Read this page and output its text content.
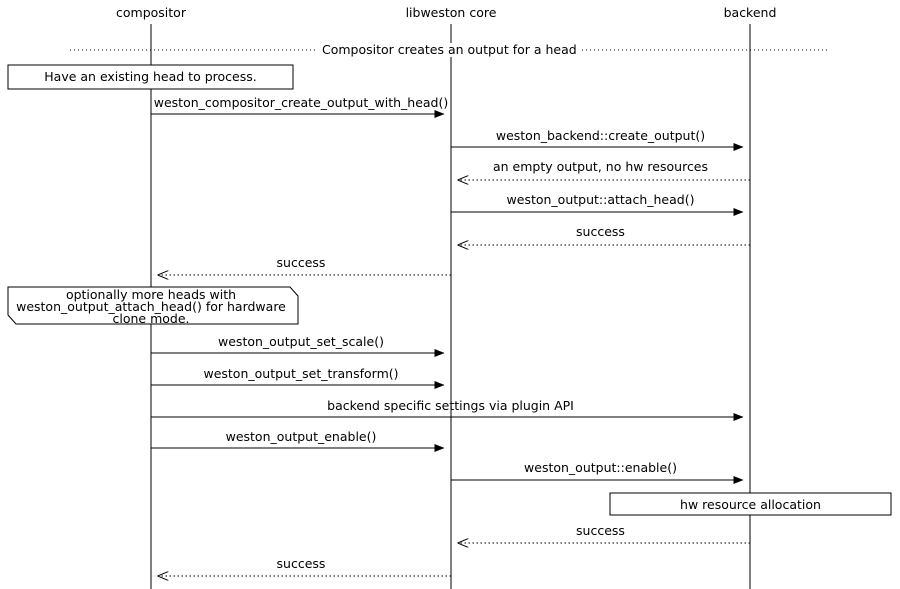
compositor	libweston core	backend
Compositor creates an output for a head
Have an existing head to process.
hw resource allocation
optionally more heads with
weston_output_attach_head() for hardware
clone mode.
weston_compositor_create_output_with_head()
weston_backend::create_output()
an empty output, no hw resources
weston_output::attach_head()
success
success
weston_output_set_scale()
weston_output_set_transform()
backend specific settings via plugin API
weston_output_enable()
weston_output::enable()
success
success
